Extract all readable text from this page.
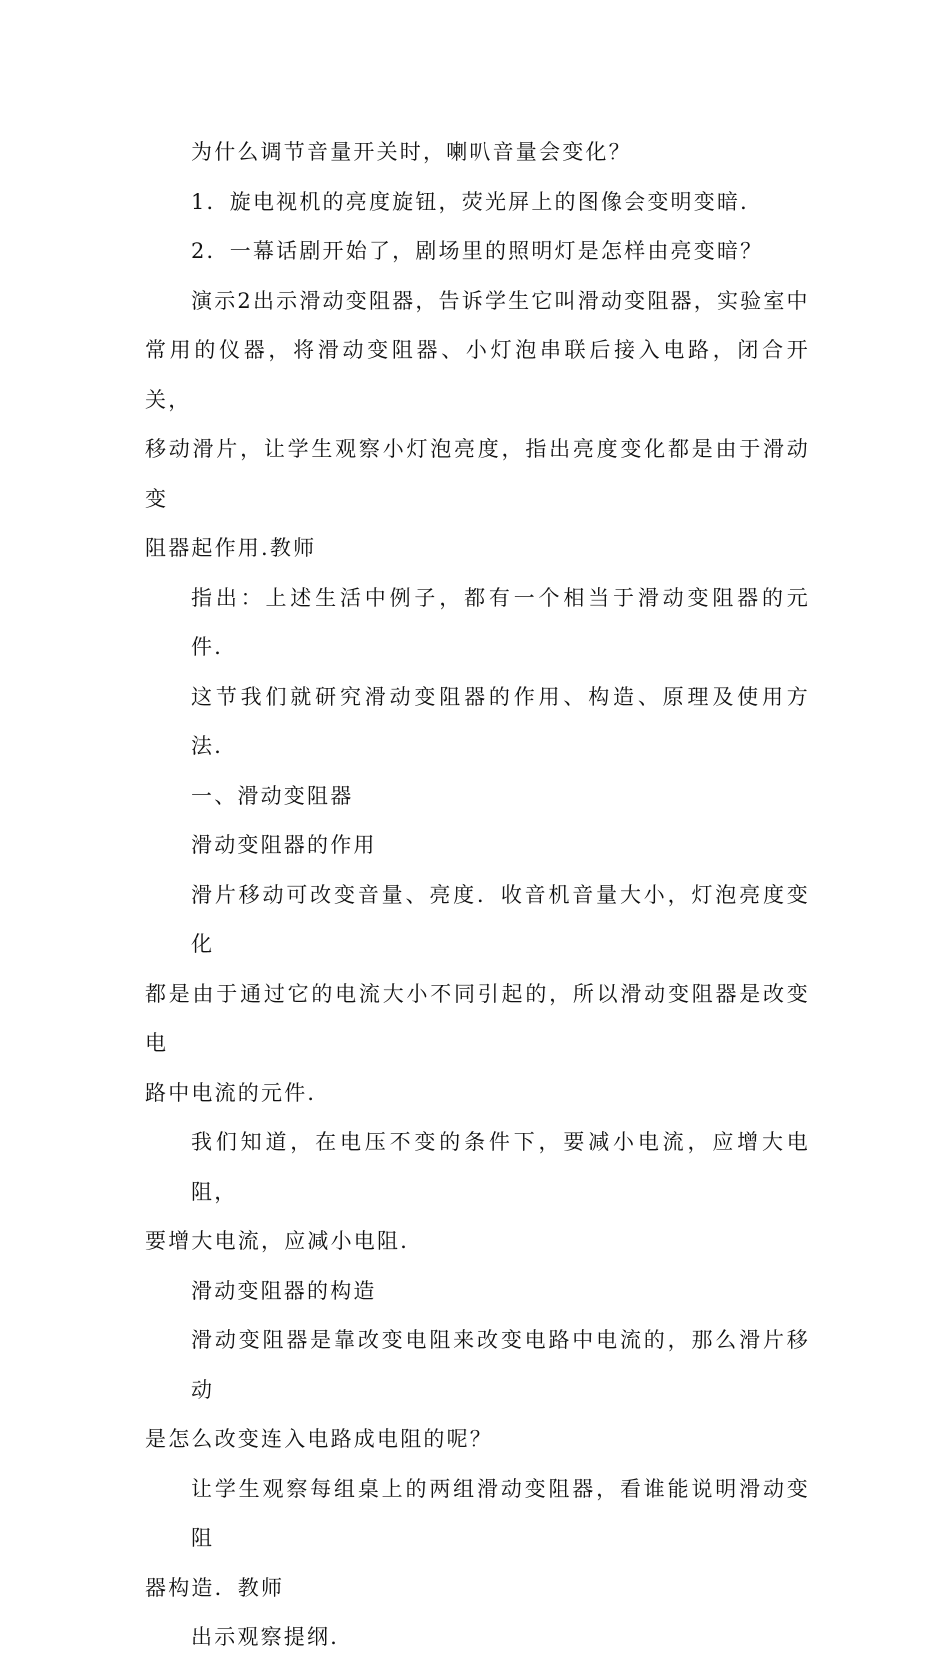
为什么调节音量开关时，喇叭音量会变化？

1．旋电视机的亮度旋钮，荧光屏上的图像会变明变暗．

2．一幕话剧开始了，剧场里的照明灯是怎样由亮变暗？

演示2出示滑动变阻器，告诉学生它叫滑动变阻器，实验室中
常用的仪器，将滑动变阻器、小灯泡串联后接入电路，闭合开关，
移动滑片，让学生观察小灯泡亮度，指出亮度变化都是由于滑动变
阻器起作用.教师

指出：上述生活中例子，都有一个相当于滑动变阻器的元件．

这节我们就研究滑动变阻器的作用、构造、原理及使用方法．

一、滑动变阻器

滑动变阻器的作用

滑片移动可改变音量、亮度．收音机音量大小，灯泡亮度变化
都是由于通过它的电流大小不同引起的，所以滑动变阻器是改变电
路中电流的元件．

我们知道，在电压不变的条件下，要减小电流，应增大电阻，
要增大电流，应减小电阻．

滑动变阻器的构造

滑动变阻器是靠改变电阻来改变电路中电流的，那么滑片移动
是怎么改变连入电路成电阻的呢？

让学生观察每组桌上的两组滑动变阻器，看谁能说明滑动变阻
器构造．教师

出示观察提纲．
